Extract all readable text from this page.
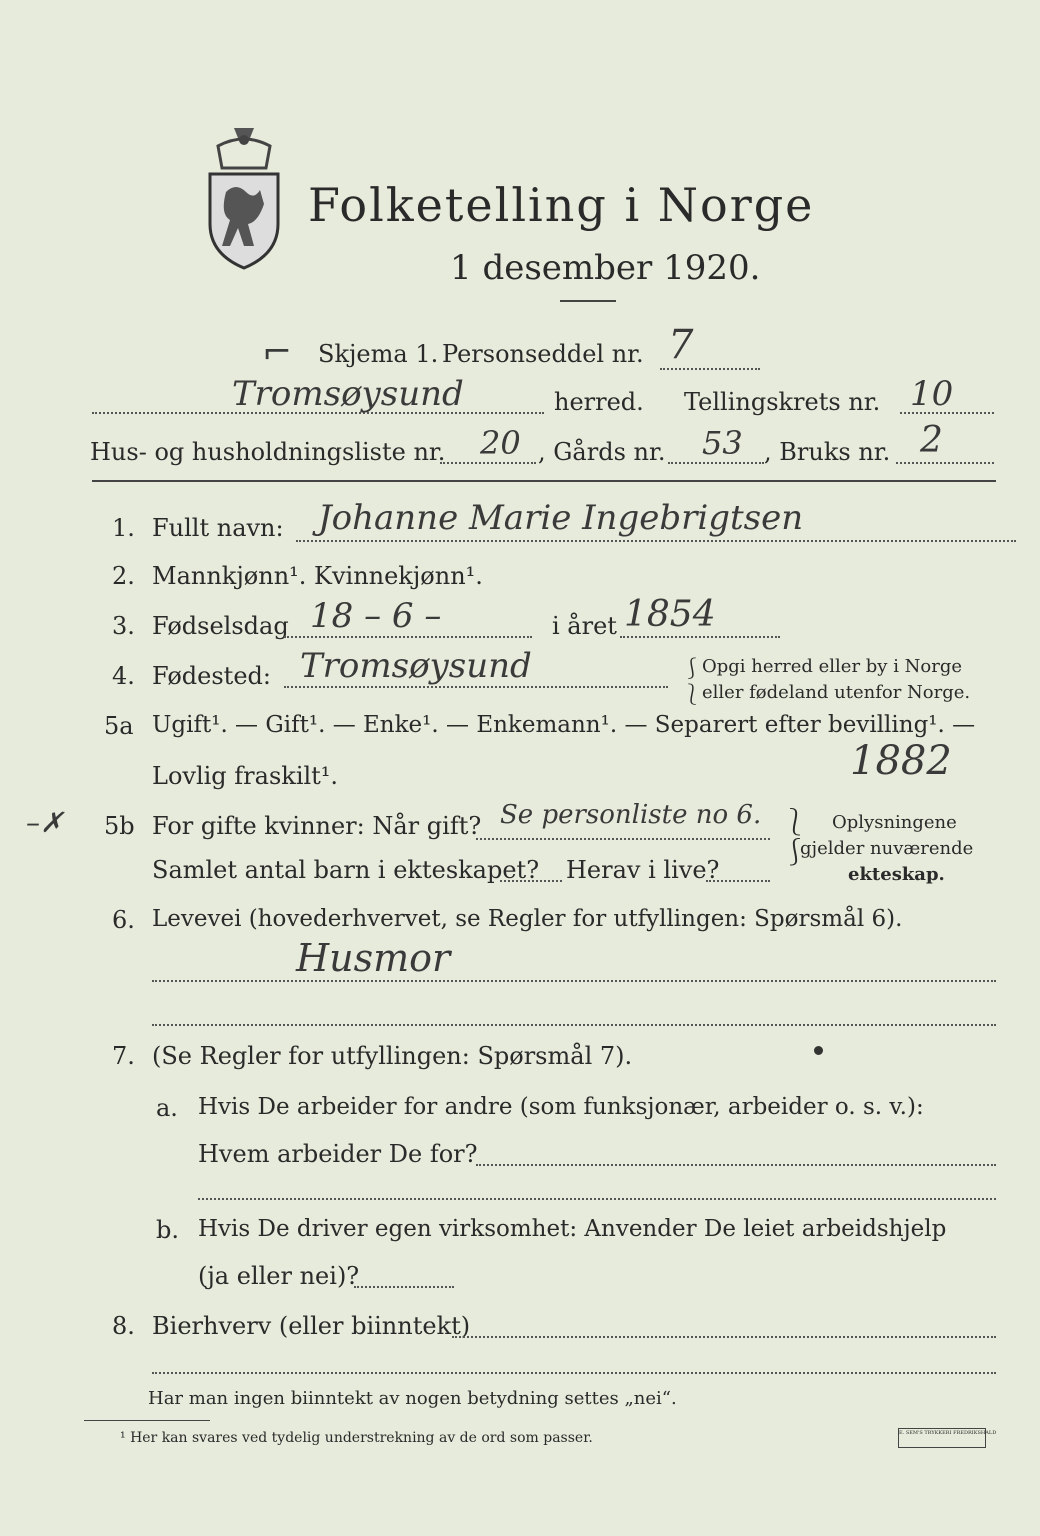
Folketelling i Norge
1 desember 1920.
⌐ Skjema 1. Personseddel nr. 7
Tromsøysund	herred. Tellingskrets nr. 10
Hus- og husholdningsliste nr. 20 , Gårds nr. 53 , Bruks nr. 2
1. Fullt navn: Johanne Marie Ingebrigtsen
2. Mannkjønn¹. Kvinnekjønn¹.
3. Fødselsdag 18 – 6 –	i året 1854
4. Fødested: Tromsøysund	⎰
⎱
Opgi herred eller by i Norge
eller fødeland utenfor Norge.
5a Ugift¹. — Gift¹. — Enke¹. — Enkemann¹. — Separert efter bevilling¹. —
Lovlig fraskilt¹.	1882
–✗ 5b For gifte kvinner: Når gift? Se personliste no 6.
Samlet antal barn i ekteskapet? Herav i live?
⎱
⎰
Oplysningene
gjelder nuværende
ekteskap.
6. Levevei (hovederhvervet, se Regler for utfyllingen: Spørsmål 6).
Husmor
7. (Se Regler for utfyllingen: Spørsmål 7).
a. Hvis De arbeider for andre (som funksjonær, arbeider o. s. v.):
Hvem arbeider De for?
b. Hvis De driver egen virksomhet: Anvender De leiet arbeidshjelp
(ja eller nei)?
8. Bierhverv (eller biinntekt)
Har man ingen biinntekt av nogen betydning settes „nei“.
¹ Her kan svares ved tydelig understrekning av de ord som passer.	E. SEM'S TRYKKERI FREDRIKSHALD
